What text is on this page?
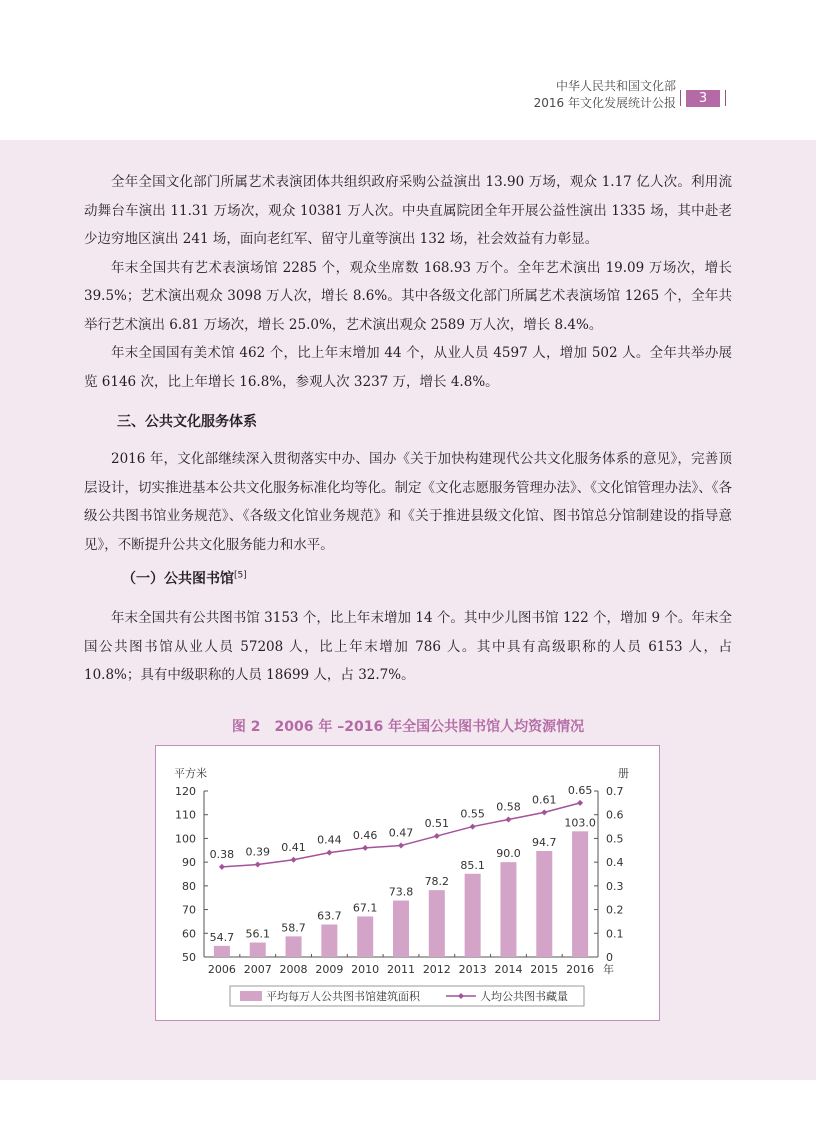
中华人民共和国文化部
2016 年文化发展统计公报	3

全年全国文化部门所属艺术表演团体共组织政府采购公益演出 13.90 万场，观众 1.17 亿人次。利用流动舞台车演出 11.31 万场次，观众 10381 万人次。中央直属院团全年开展公益性演出 1335 场，其中赴老少边穷地区演出 241 场，面向老红军、留守儿童等演出 132 场，社会效益有力彰显。

年末全国共有艺术表演场馆 2285 个，观众坐席数 168.93 万个。全年艺术演出 19.09 万场次，增长 39.5%；艺术演出观众 3098 万人次，增长 8.6%。其中各级文化部门所属艺术表演场馆 1265 个，全年共举行艺术演出 6.81 万场次，增长 25.0%，艺术演出观众 2589 万人次，增长 8.4%。

年末全国国有美术馆 462 个，比上年末增加 44 个，从业人员 4597 人，增加 502 人。全年共举办展览 6146 次，比上年增长 16.8%，参观人次 3237 万，增长 4.8%。

三、公共文化服务体系

2016 年，文化部继续深入贯彻落实中办、国办《关于加快构建现代公共文化服务体系的意见》，完善顶层设计，切实推进基本公共文化服务标准化均等化。制定《文化志愿服务管理办法》、《文化馆管理办法》、《各级公共图书馆业务规范》、《各级文化馆业务规范》和《关于推进县级文化馆、图书馆总分馆制建设的指导意见》，不断提升公共文化服务能力和水平。

（一）公共图书馆[5]

年末全国共有公共图书馆 3153 个，比上年末增加 14 个。其中少儿图书馆 122 个，增加 9 个。年末全国公共图书馆从业人员 57208 人，比上年末增加 786 人。其中具有高级职称的人员 6153 人，占 10.8%；具有中级职称的人员 18699 人，占 32.7%。

图 2　2006 年 –2016 年全国公共图书馆人均资源情况
50
60
70
80
90
100
110
120
0
0.1
0.2
0.3
0.4
0.5
0.6
0.7
平方米	册
2006
54.7
2007
56.1
2008
58.7
2009
63.7
2010
67.1
2011
73.8
2012
78.2
2013
85.1
2014
90.0
2015
94.7
2016
103.0
年
0.38 0.39 0.41
0.44 0.46 0.47
0.51
0.55
0.58
0.61
0.65
平均每万人公共图书馆建筑面积	人均公共图书藏量
